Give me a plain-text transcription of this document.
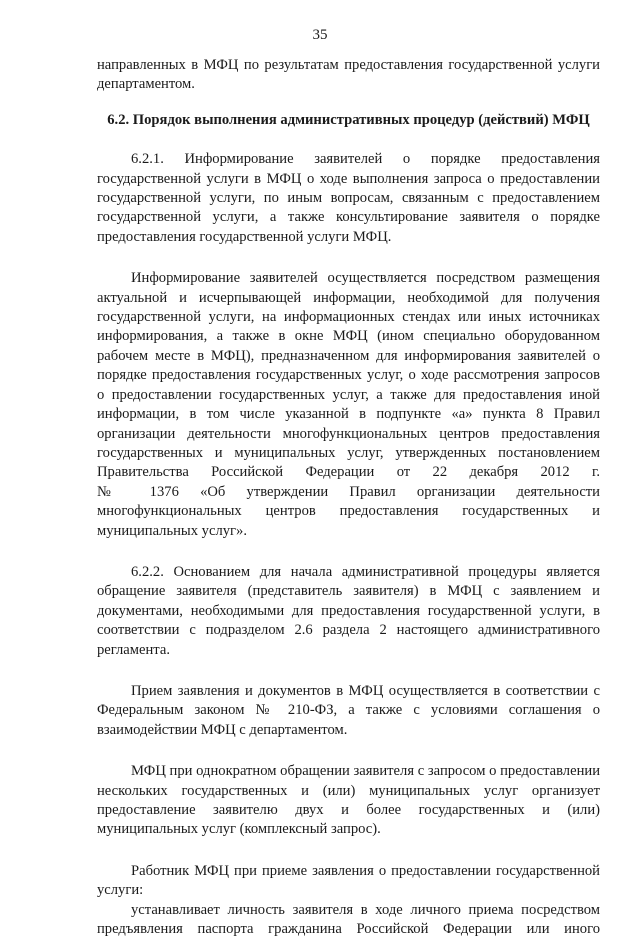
35
направленных в МФЦ по результатам предоставления государственной услуги
департаментом.
6.2. Порядок выполнения административных процедур (действий) МФЦ
6.2.1. Информирование заявителей о порядке предоставления
государственной услуги в МФЦ о ходе выполнения запроса о предоставлении
государственной услуги, по иным вопросам, связанным с предоставлением
государственной услуги, а также консультирование заявителя о порядке
предоставления государственной услуги МФЦ.
Информирование заявителей осуществляется посредством размещения
актуальной и исчерпывающей информации, необходимой для получения
государственной услуги, на информационных стендах или иных источниках
информирования, а также в окне МФЦ (ином специально оборудованном
рабочем месте в МФЦ), предназначенном для информирования заявителей о
порядке предоставления государственных услуг, о ходе рассмотрения запросов
о предоставлении государственных услуг, а также для предоставления иной
информации, в том числе указанной в подпункте «а» пункта 8 Правил
организации деятельности многофункциональных центров предоставления
государственных и муниципальных услуг, утвержденных постановлением
Правительства Российской Федерации от 22 декабря 2012 г.
№ 1376 «Об утверждении Правил организации деятельности
многофункциональных центров предоставления государственных и
муниципальных услуг».
6.2.2. Основанием для начала административной процедуры является
обращение заявителя (представитель заявителя) в МФЦ с заявлением и
документами, необходимыми для предоставления государственной услуги, в
соответствии с подразделом 2.6 раздела 2 настоящего административного
регламента.
Прием заявления и документов в МФЦ осуществляется в соответствии с
Федеральным законом № 210-ФЗ, а также с условиями соглашения о
взаимодействии МФЦ с департаментом.
МФЦ при однократном обращении заявителя с запросом о предоставлении
нескольких государственных и (или) муниципальных услуг организует
предоставление заявителю двух и более государственных и (или)
муниципальных услуг (комплексный запрос).
Работник МФЦ при приеме заявления о предоставлении государственной
услуги:
устанавливает личность заявителя в ходе личного приема посредством
предъявления паспорта гражданина Российской Федерации или иного
